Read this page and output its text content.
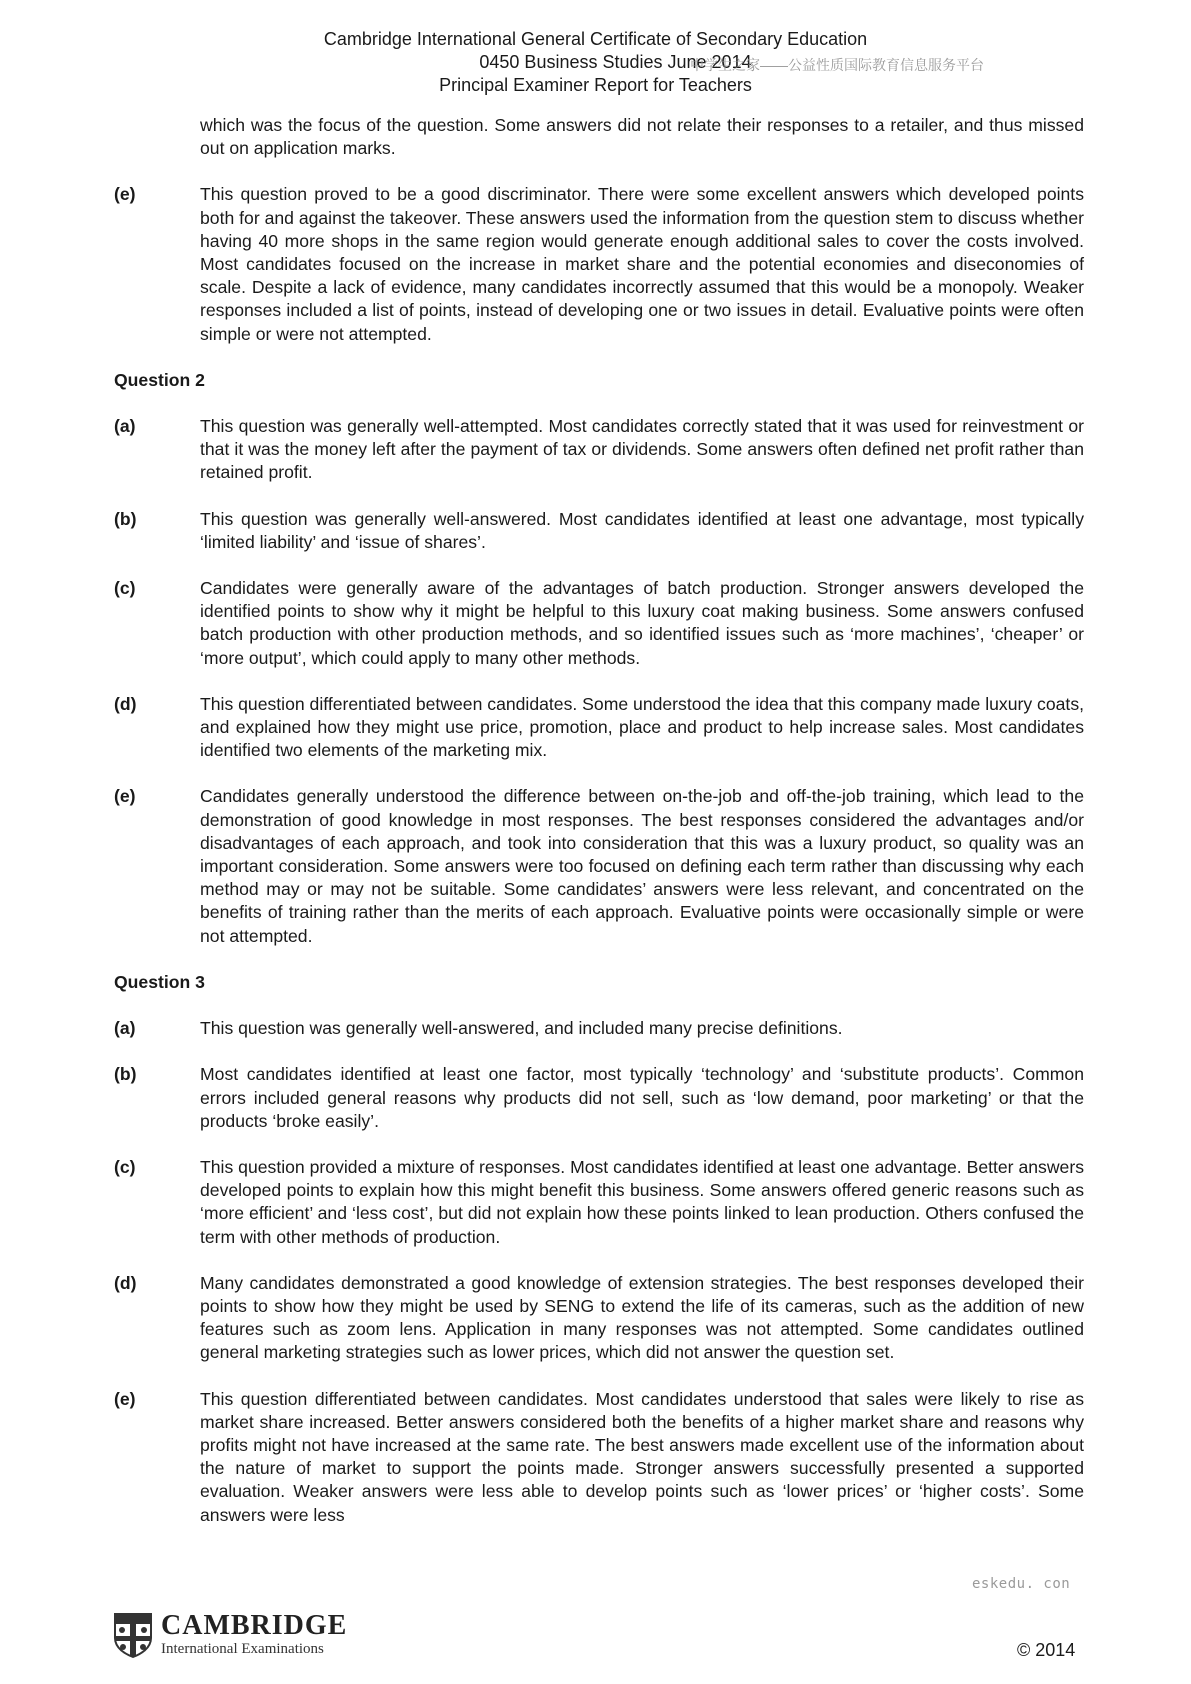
Cambridge International General Certificate of Secondary Education
0450 Business Studies June 2014
Principal Examiner Report for Teachers
中学生之家——公益性质国际教育信息服务平台
which was the focus of the question. Some answers did not relate their responses to a retailer, and thus missed out on application marks.
(e)	This question proved to be a good discriminator. There were some excellent answers which developed points both for and against the takeover. These answers used the information from the question stem to discuss whether having 40 more shops in the same region would generate enough additional sales to cover the costs involved. Most candidates focused on the increase in market share and the potential economies and diseconomies of scale. Despite a lack of evidence, many candidates incorrectly assumed that this would be a monopoly. Weaker responses included a list of points, instead of developing one or two issues in detail. Evaluative points were often simple or were not attempted.
Question 2
(a)	This question was generally well-attempted. Most candidates correctly stated that it was used for reinvestment or that it was the money left after the payment of tax or dividends. Some answers often defined net profit rather than retained profit.
(b)	This question was generally well-answered. Most candidates identified at least one advantage, most typically ‘limited liability’ and ‘issue of shares’.
(c)	Candidates were generally aware of the advantages of batch production. Stronger answers developed the identified points to show why it might be helpful to this luxury coat making business. Some answers confused batch production with other production methods, and so identified issues such as ‘more machines’, ‘cheaper’ or ‘more output’, which could apply to many other methods.
(d)	This question differentiated between candidates. Some understood the idea that this company made luxury coats, and explained how they might use price, promotion, place and product to help increase sales. Most candidates identified two elements of the marketing mix.
(e)	Candidates generally understood the difference between on-the-job and off-the-job training, which lead to the demonstration of good knowledge in most responses. The best responses considered the advantages and/or disadvantages of each approach, and took into consideration that this was a luxury product, so quality was an important consideration. Some answers were too focused on defining each term rather than discussing why each method may or may not be suitable. Some candidates’ answers were less relevant, and concentrated on the benefits of training rather than the merits of each approach. Evaluative points were occasionally simple or were not attempted.
Question 3
(a)	This question was generally well-answered, and included many precise definitions.
(b)	Most candidates identified at least one factor, most typically ‘technology’ and ‘substitute products’. Common errors included general reasons why products did not sell, such as ‘low demand, poor marketing’ or that the products ‘broke easily’.
(c)	This question provided a mixture of responses. Most candidates identified at least one advantage. Better answers developed points to explain how this might benefit this business. Some answers offered generic reasons such as ‘more efficient’ and ‘less cost’, but did not explain how these points linked to lean production. Others confused the term with other methods of production.
(d)	Many candidates demonstrated a good knowledge of extension strategies. The best responses developed their points to show how they might be used by SENG to extend the life of its cameras, such as the addition of new features such as zoom lens. Application in many responses was not attempted. Some candidates outlined general marketing strategies such as lower prices, which did not answer the question set.
(e)	This question differentiated between candidates. Most candidates understood that sales were likely to rise as market share increased. Better answers considered both the benefits of a higher market share and reasons why profits might not have increased at the same rate. The best answers made excellent use of the information about the nature of market to support the points made. Stronger answers successfully presented a supported evaluation. Weaker answers were less able to develop points such as ‘lower prices’ or ‘higher costs’. Some answers were less
eskedu. con
CAMBRIDGE
International Examinations	© 2014
